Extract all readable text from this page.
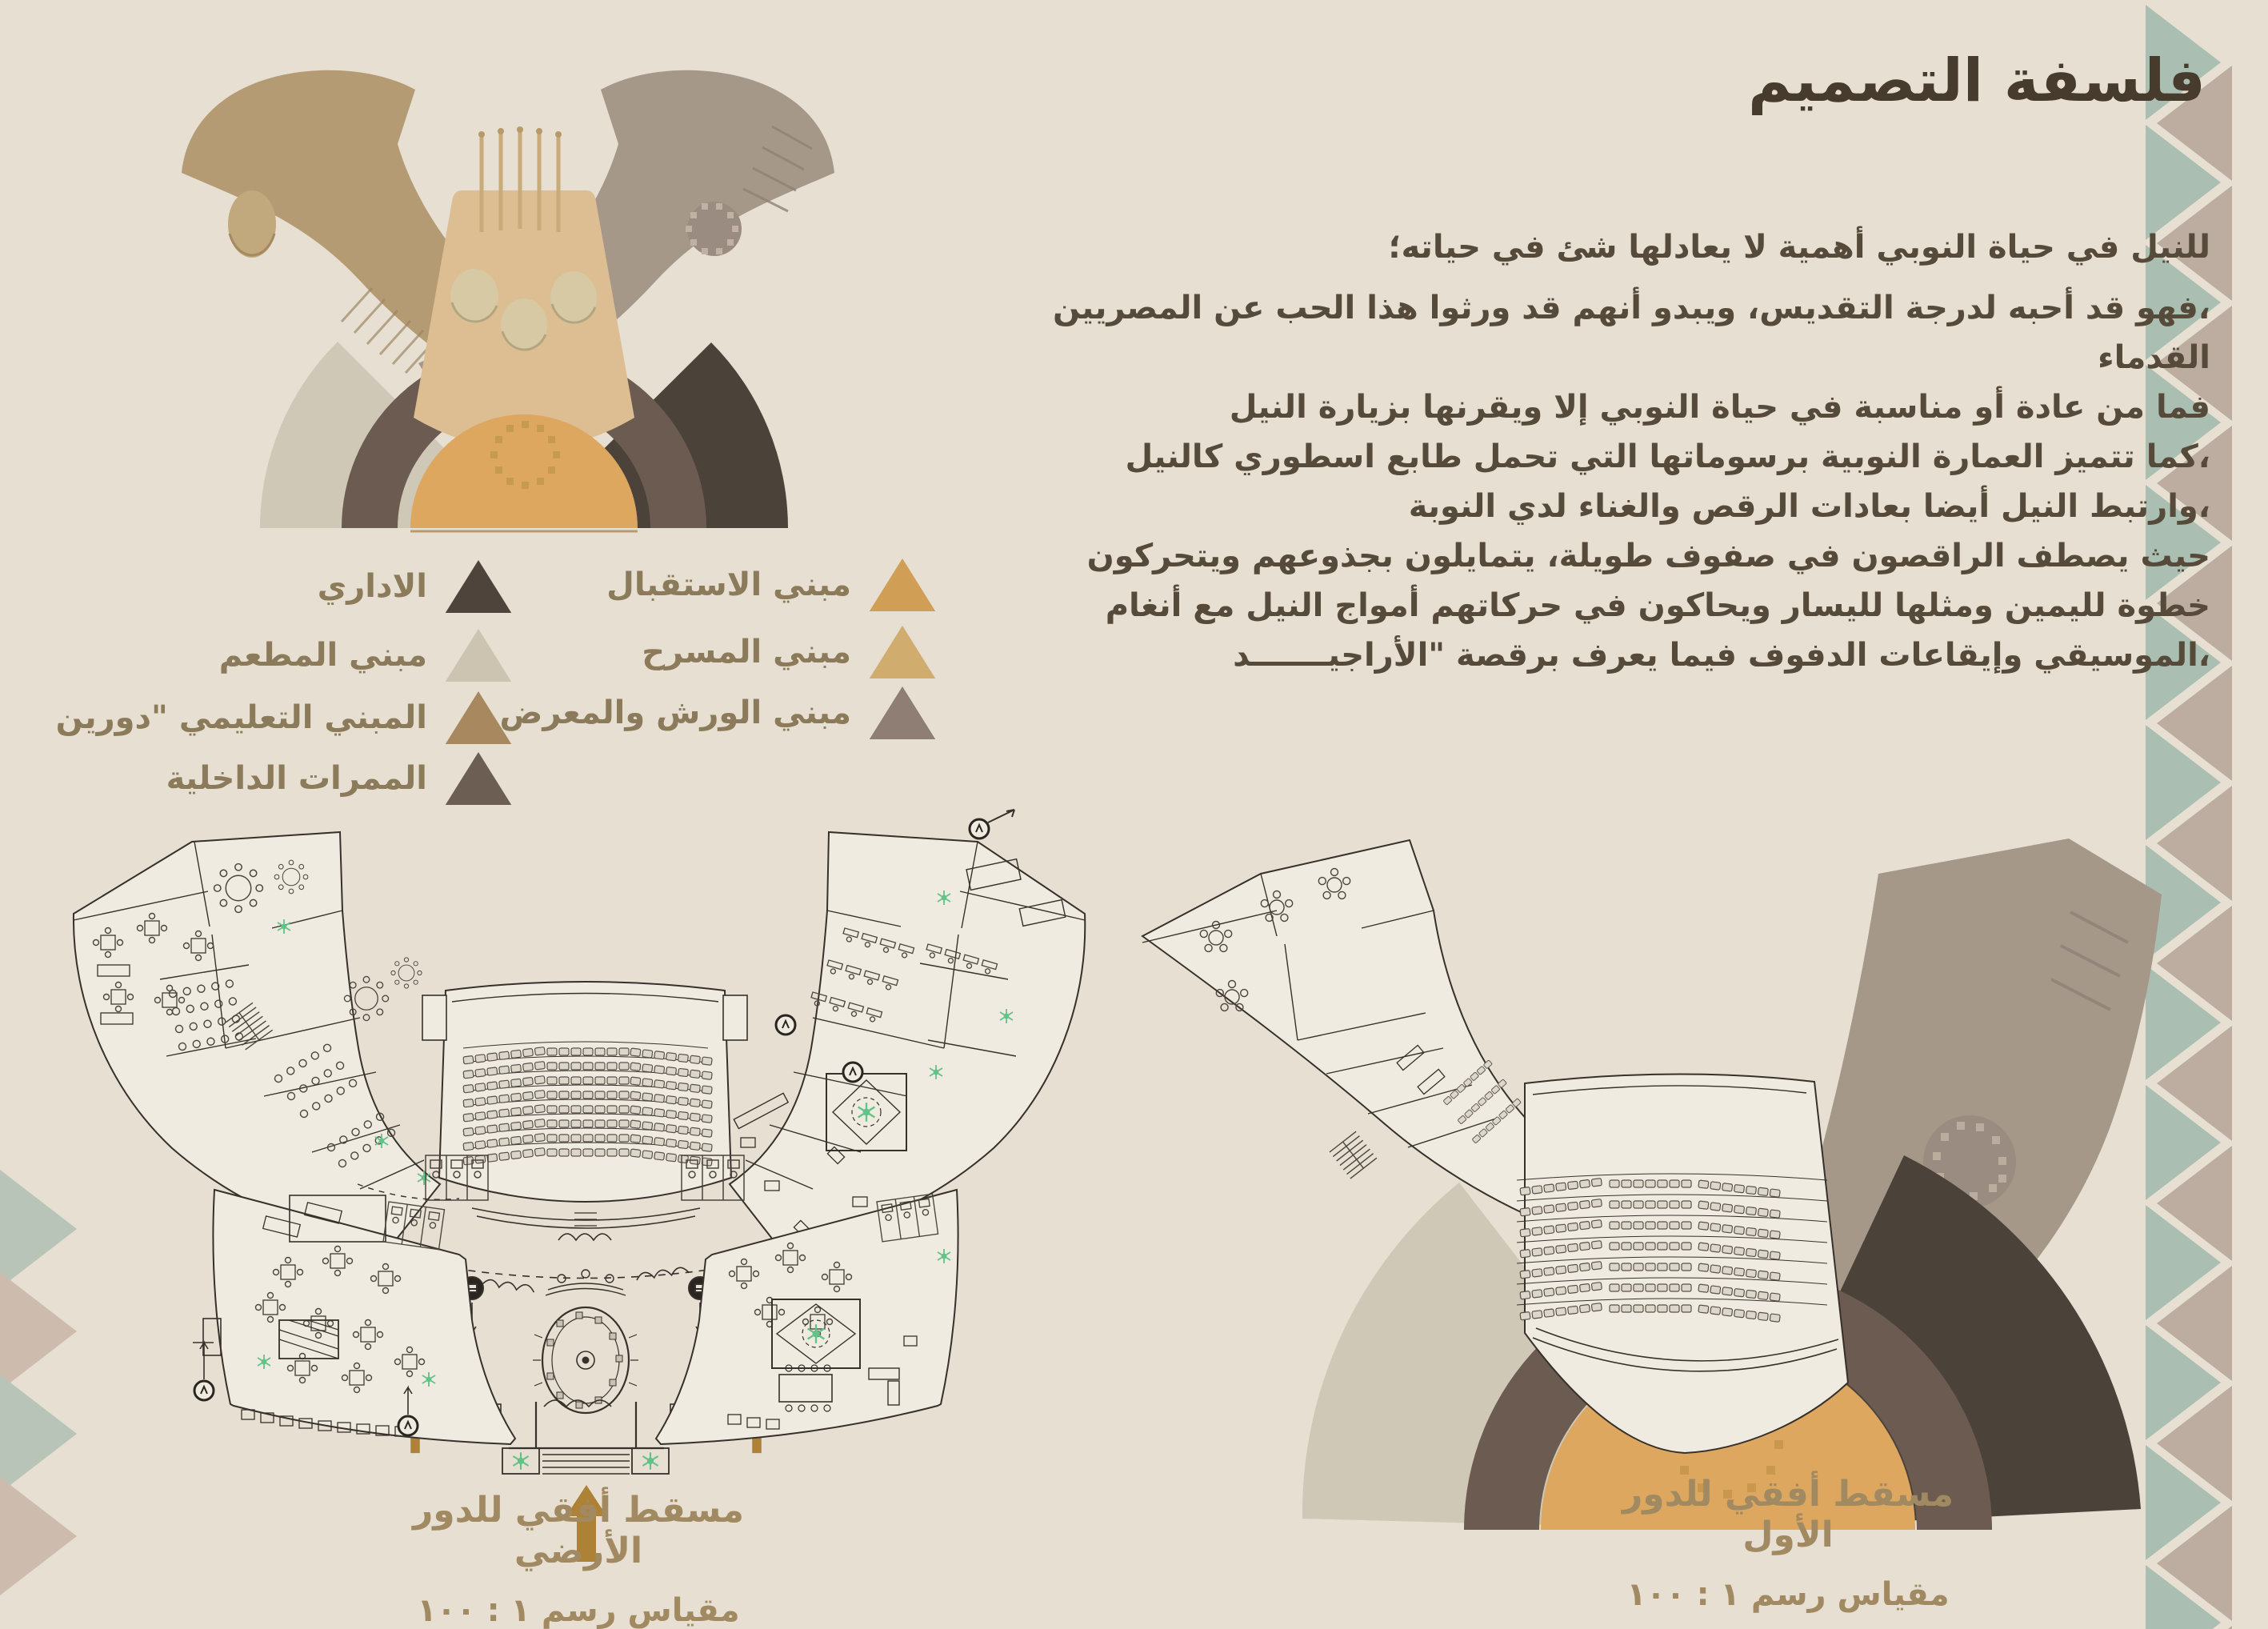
فلسفة التصميم
للنيل في حياة النوبي أهمية لا يعادلها شئ في حياته؛
،فهو قد أحبه لدرجة التقديس، ويبدو أنهم قد ورثوا هذا الحب عن المصريين القدماء
فما من عادة أو مناسبة في حياة النوبي إلا ويقرنها بزيارة النيل
،كما تتميز العمارة النوبية برسوماتها التي تحمل طابع اسطوري كالنيل
،وارتبط النيل أيضا بعادات الرقص والغناء لدي النوبة
حيث يصطف الراقصون في صفوف طويلة، يتمايلون بجذوعهم ويتحركون
خطوة لليمين ومثلها لليسار ويحاكون في حركاتهم أمواج النيل مع أنغام
،الموسيقي وإيقاعات الدفوف فيما يعرف برقصة "الأراجيـــــــد
الاداري
مبني المطعم
المبني التعليمي "دورين
الممرات الداخلية
مبني الاستقبال
مبني المسرح
مبني الورش والمعرض
مسقط أفقي للدور الأرضي
مقياس رسم ١ : ١٠٠
مسقط أفقي للدور الأول
مقياس رسم ١ : ١٠٠
